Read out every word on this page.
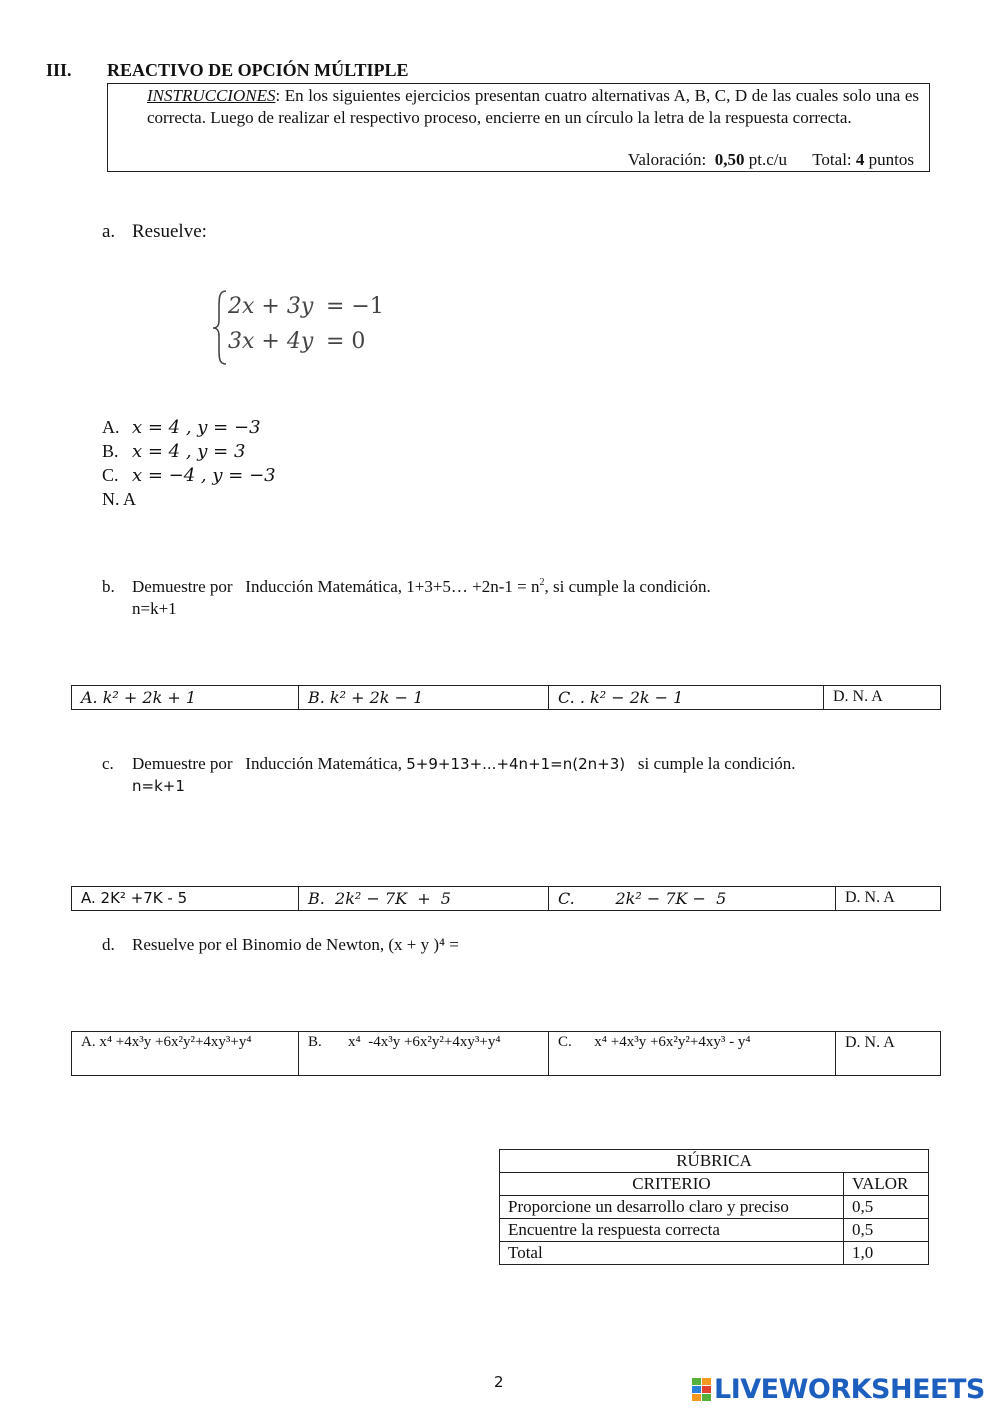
III. REACTIVO DE OPCIÓN MÚLTIPLE
INSTRUCCIONES: En los siguientes ejercicios presentan cuatro alternativas A, B, C, D de las cuales solo una es correcta. Luego de realizar el respectivo proceso, encierre en un círculo la letra de la respuesta correcta.
Valoración: 0,50 pt.c/u Total: 4 puntos
a. Resuelve:
2x + 3y = −1
3x + 4y = 0
A. x = 4 , y = −3
B. x = 4 , y = 3
C. x = −4 , y = −3
N. A
b. Demuestre por   Inducción Matemática, 1+3+5… $+2n-1 = n^2$, si cumple la condición.
n=k+1
A. k² + 2k + 1	B. k² + 2k − 1	C. . k² − 2k − 1	D. N. A
c. Demuestre por   Inducción Matemática, 5+9+13+...+4n+1=n(2n+3) si cumple la condición.
n=k+1
A. 2K² +7K - 5	B.  2k² − 7K  +  5	C.        2k² − 7K −  5	D. N. A
d. Resuelve por el Binomio de Newton, (x + y )⁴ =
A. x⁴ +4x³y +6x²y²+4xy³+y⁴	B.       x⁴  -4x³y +6x²y²+4xy³+y⁴	C.      x⁴ +4x³y +6x²y²+4xy³ - y⁴	D. N. A
RÚBRICA	
CRITERIO	VALOR
Proporcione un desarrollo claro y preciso	0,5
Encuentre la respuesta correcta	0,5
Total	1,0
2	LIVEWORKSHEETS
